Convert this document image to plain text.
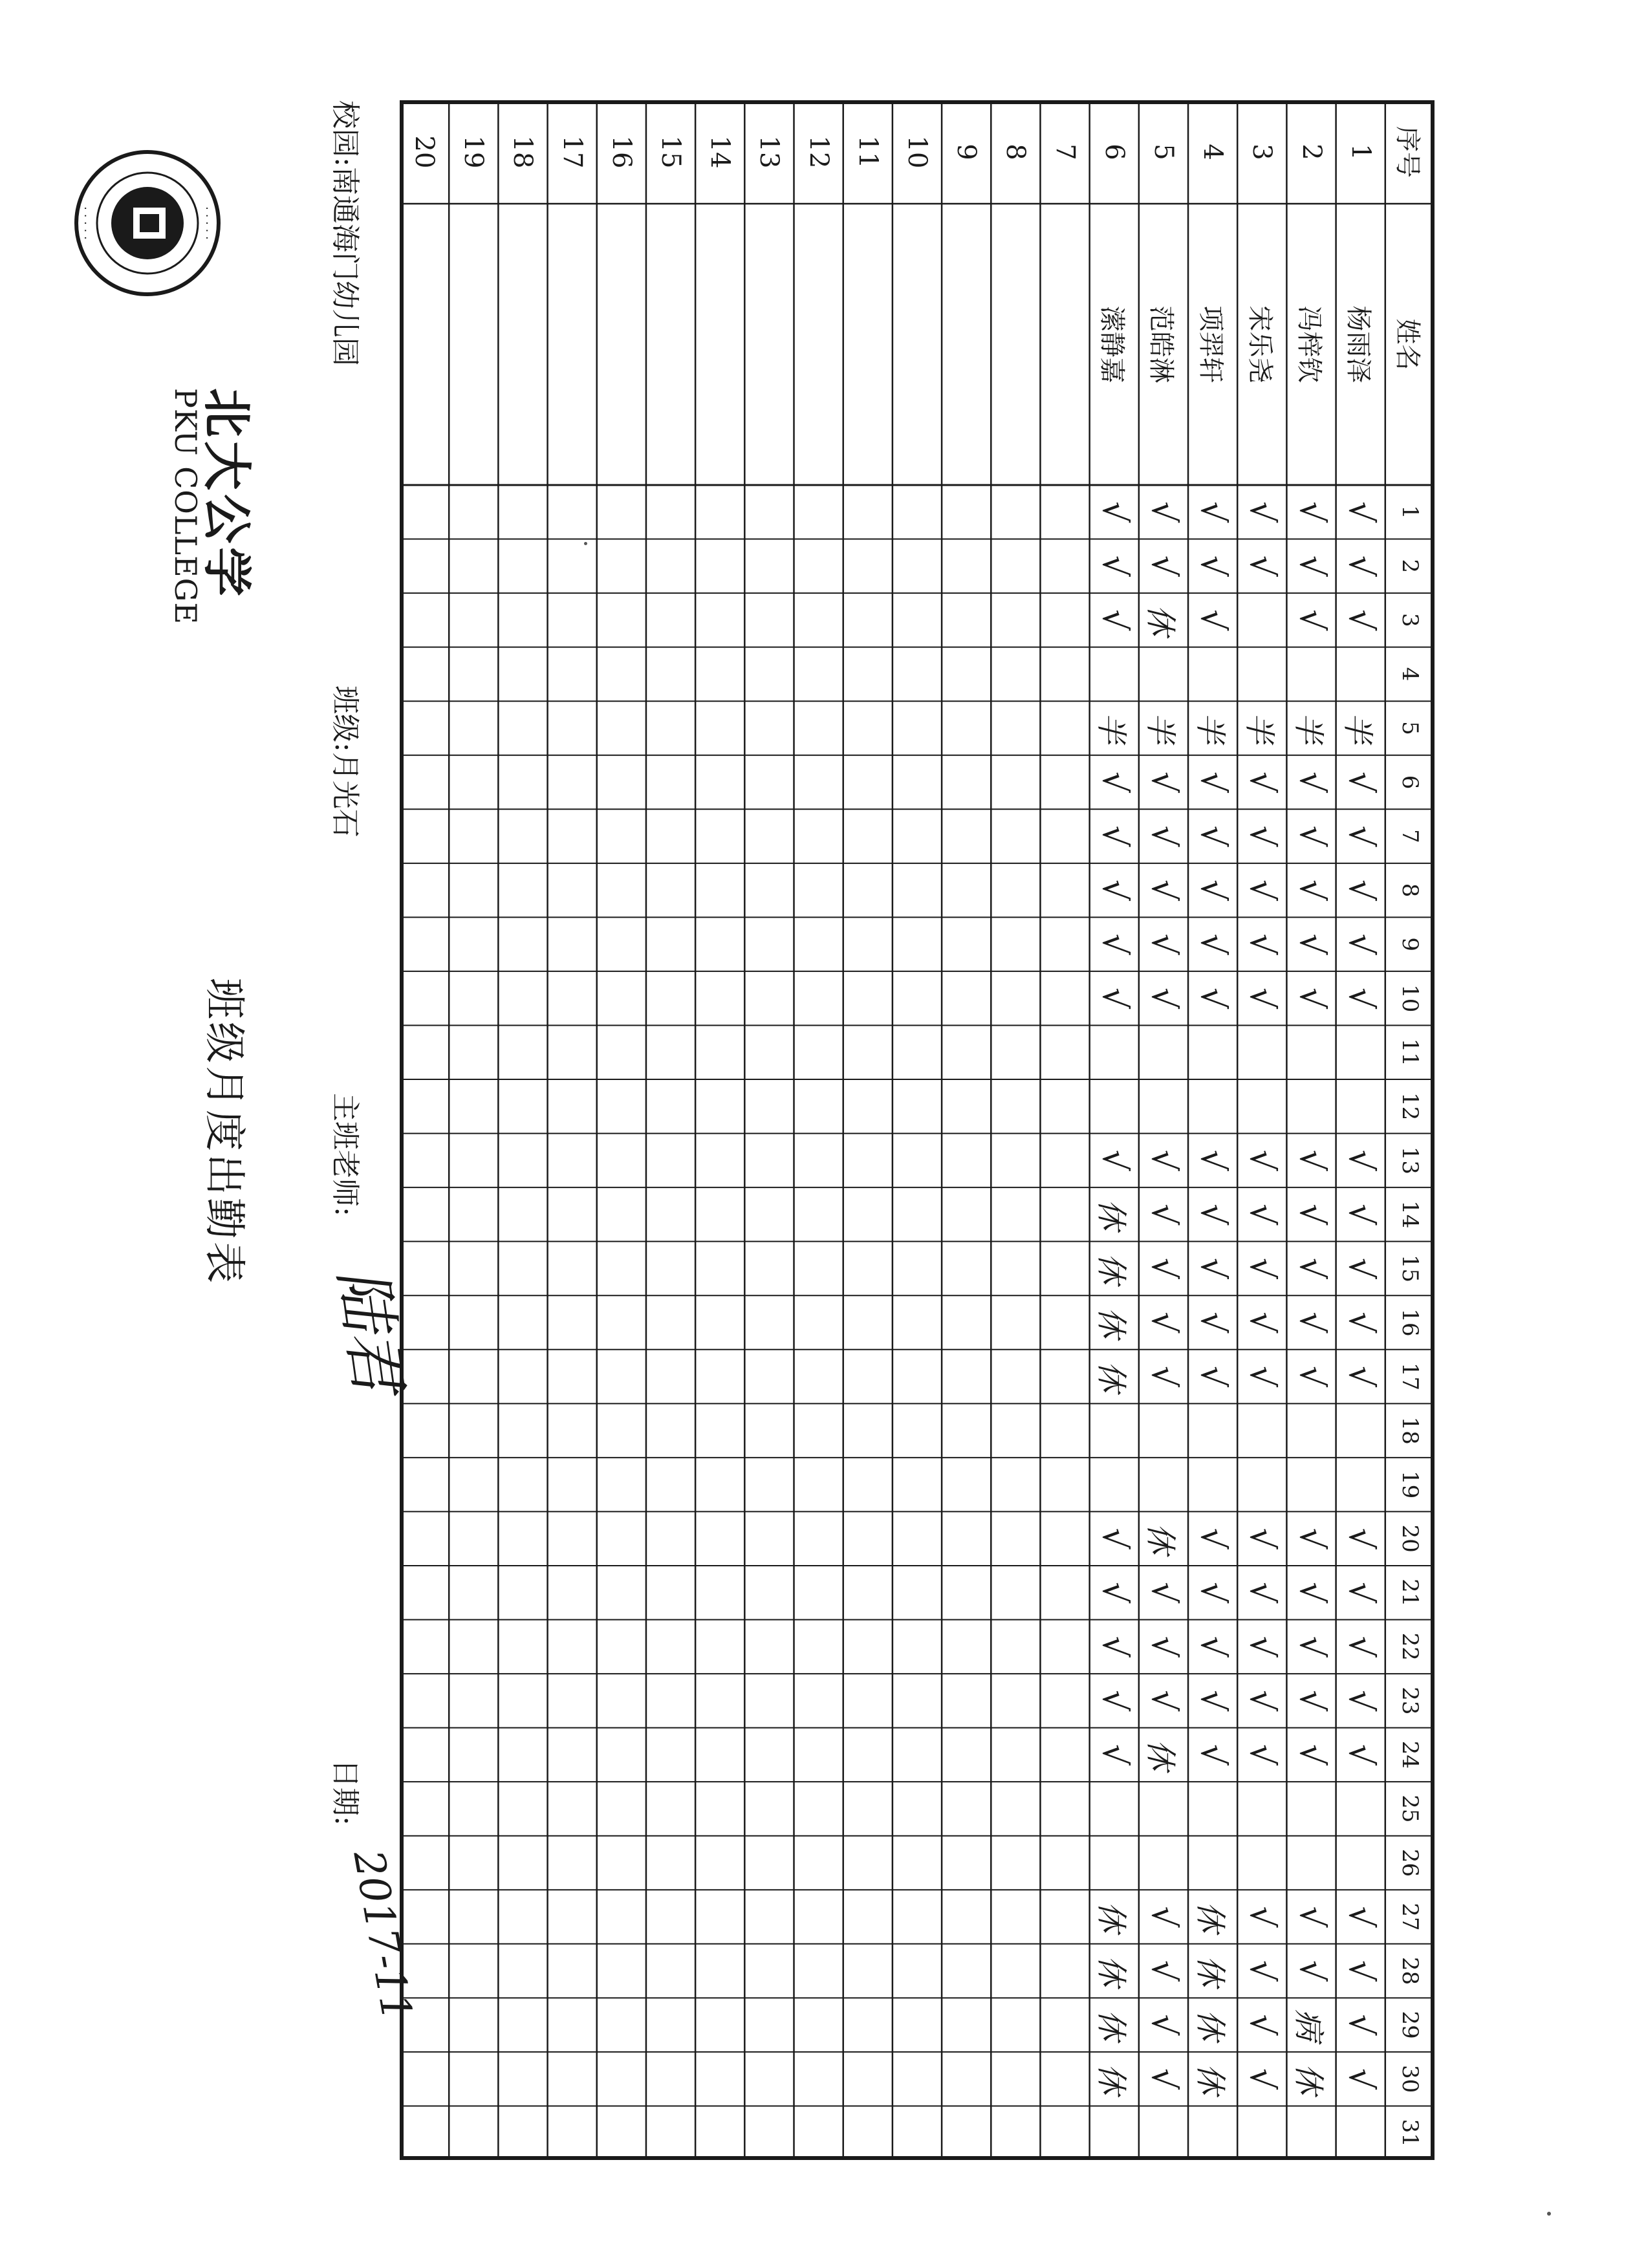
· · · · ·
· · · · ·
北大公学
PKU COLLEGE
班级月度出勤表
校园:南通海门幼儿园
班级:月光石
主班老师:
陆君
日期:
2017-11
序号
姓名
1
2
3
4
5
6
7
8
9
10
11
12
13
14
15
16
17
18
19
20
21
22
23
24
25
26
27
28
29
30
31
1
杨雨泽
√
√
√
半
√
√
√
√
√
√
√
√
√
√
√
√
√
√
√
√
√
√
√
2
冯梓钦
√
√
√
半
√
√
√
√
√
√
√
√
√
√
√
√
√
√
√
√
√
病
休
3
宋乐尧
√
√
半
√
√
√
√
√
√
√
√
√
√
√
√
√
√
√
√
√
√
√
4
项羿轩
√
√
√
半
√
√
√
√
√
√
√
√
√
√
√
√
√
√
√
休
休
休
休
5
范皓淋
√
√
休
半
√
√
√
√
√
√
√
√
√
√
休
√
√
√
休
√
√
√
√
6
潆静嘉
√
√
√
半
√
√
√
√
√
√
休
休
休
休
√
√
√
√
√
休
休
休
休
7
8
9
10
11
12
13
14
15
16
17
18
19
20
